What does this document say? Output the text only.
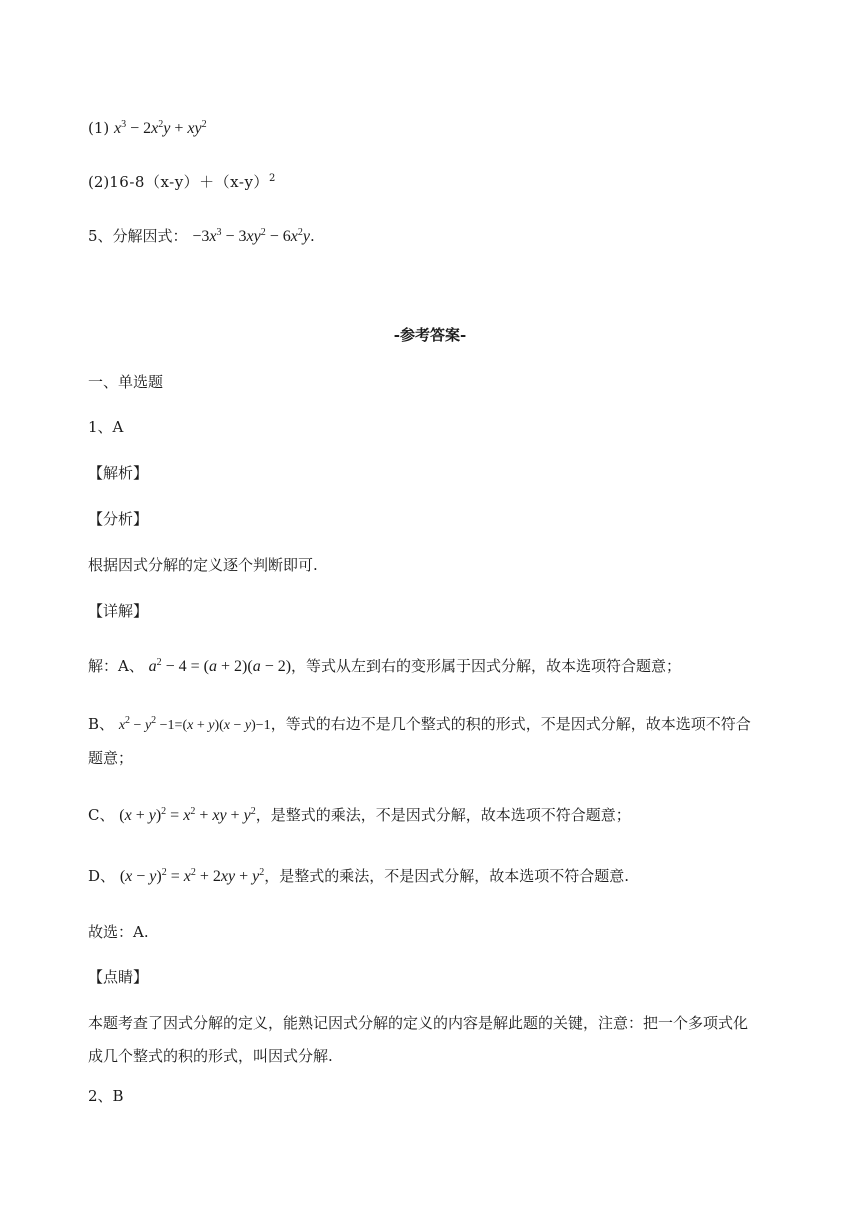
(1) $x^3 - 2x^2y + xy^2$
$(2)16-8(x-y)+(x-y)^2$
5、分解因式： $-3x^3 - 3xy^2 - 6x^2y$.
-参考答案-
一、单选题
1、A
【解析】
【分析】
根据因式分解的定义逐个判断即可.
【详解】
解：A、 $a^2 - 4 = (a + 2)(a - 2)$，等式从左到右的变形属于因式分解，故本选项符合题意；
B、 $x^2 - y^2 -1=(x + y)(x - y)-1$，等式的右边不是几个整式的积的形式，不是因式分解，故本选项不符合
题意；
C、 $(x + y)^2 = x^2$ + xy + $y^2$，是整式的乘法，不是因式分解，故本选项不符合题意；
D、 $(x - y)^2 = x^2 + 2xy + y^2$，是整式的乘法，不是因式分解，故本选项不符合题意.
故选：A.
【点睛】
本题考查了因式分解的定义，能熟记因式分解的定义的内容是解此题的关键，注意：把一个多项式化
成几个整式的积的形式，叫因式分解.
2、B
